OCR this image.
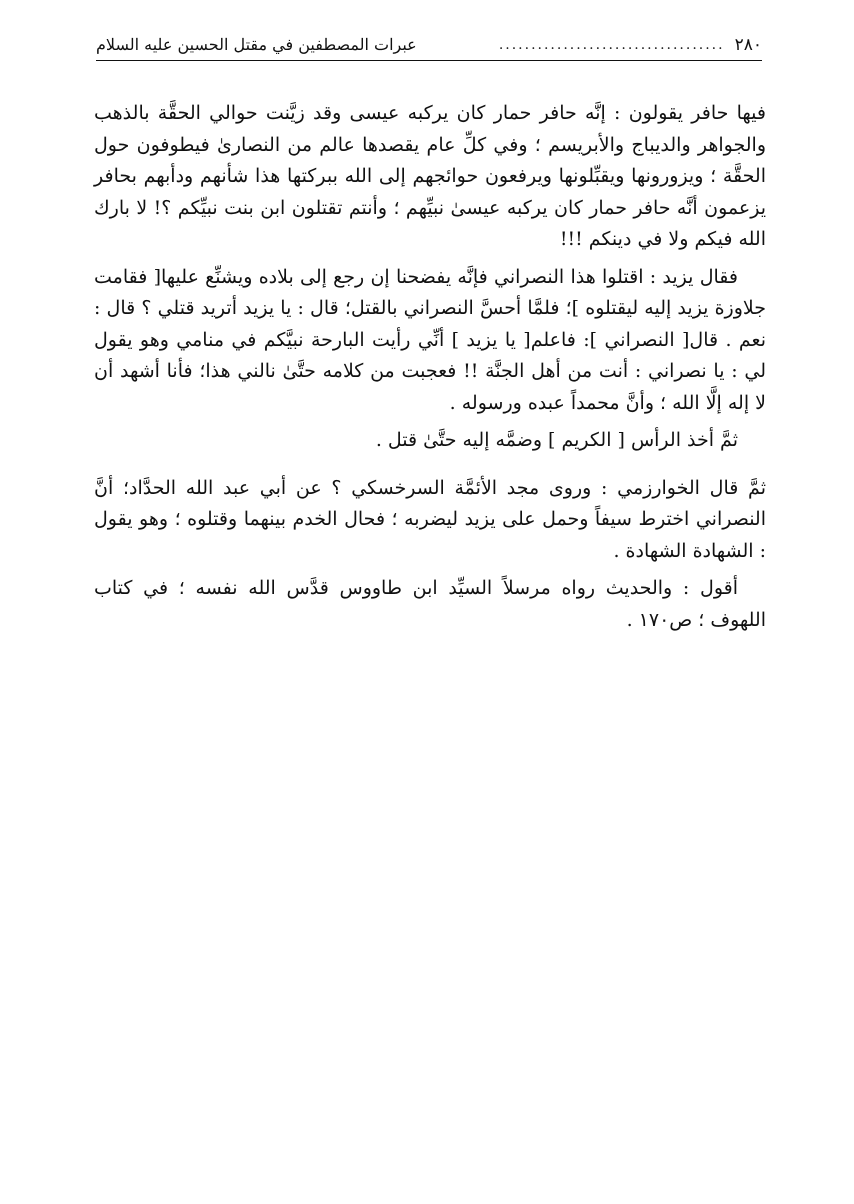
٢٨٠
...................................
عبرات المصطفين في مقتل الحسين عليه السلام

فيها حافر يقولون : إنَّه حافر حمار كان يركبه عيسى وقد زيَّنت حوالي الحقَّة بالذهب والجواهر والديباج والأبريسم ؛ وفي كلِّ عام يقصدها عالم من النصارىٰ فيطوفون حول الحقَّة ؛ ويزورونها ويقبِّلونها ويرفعون حوائجهم إلى الله ببركتها هذا شأنهم ودأبهم بحافر يزعمون أنَّه حافر حمار كان يركبه عيسىٰ نبيِّهم ؛ وأنتم تقتلون ابن بنت نبيِّكم ؟! لا بارك الله فيكم ولا في دينكم !!!

فقال يزيد : اقتلوا هذا النصراني فإنَّه يفضحنا إن رجع إلى بلاده ويشنِّع عليها[ فقامت جلاوزة يزيد إليه ليقتلوه ]؛ فلمَّا أحسَّ النصراني بالقتل؛ قال : يا يزيد أتريد قتلي ؟ قال : نعم . قال[ النصراني ]: فاعلم[ يا يزيد ] أنِّي رأيت البارحة نبيَّكم في منامي وهو يقول لي : يا نصراني : أنت من أهل الجنَّة !! فعجبت من كلامه حتَّىٰ نالني هذا؛ فأنا أشهد أن لا إله إلَّا الله ؛ وأنَّ محمداً عبده ورسوله .

ثمَّ أخذ الرأس [ الكريم ] وضمَّه إليه حتَّىٰ قتل .

ثمَّ قال الخوارزمي : وروى مجد الأئمَّة السرخسكي ؟ عن أبي عبد الله الحدَّاد؛ أنَّ النصراني اخترط سيفاً وحمل على يزيد ليضربه ؛ فحال الخدم بينهما وقتلوه ؛ وهو يقول : الشهادة الشهادة .

أقول : والحديث رواه مرسلاً السيِّد ابن طاووس قدَّس الله نفسه ؛ في كتاب اللهوف ؛ ص١٧٠ .
